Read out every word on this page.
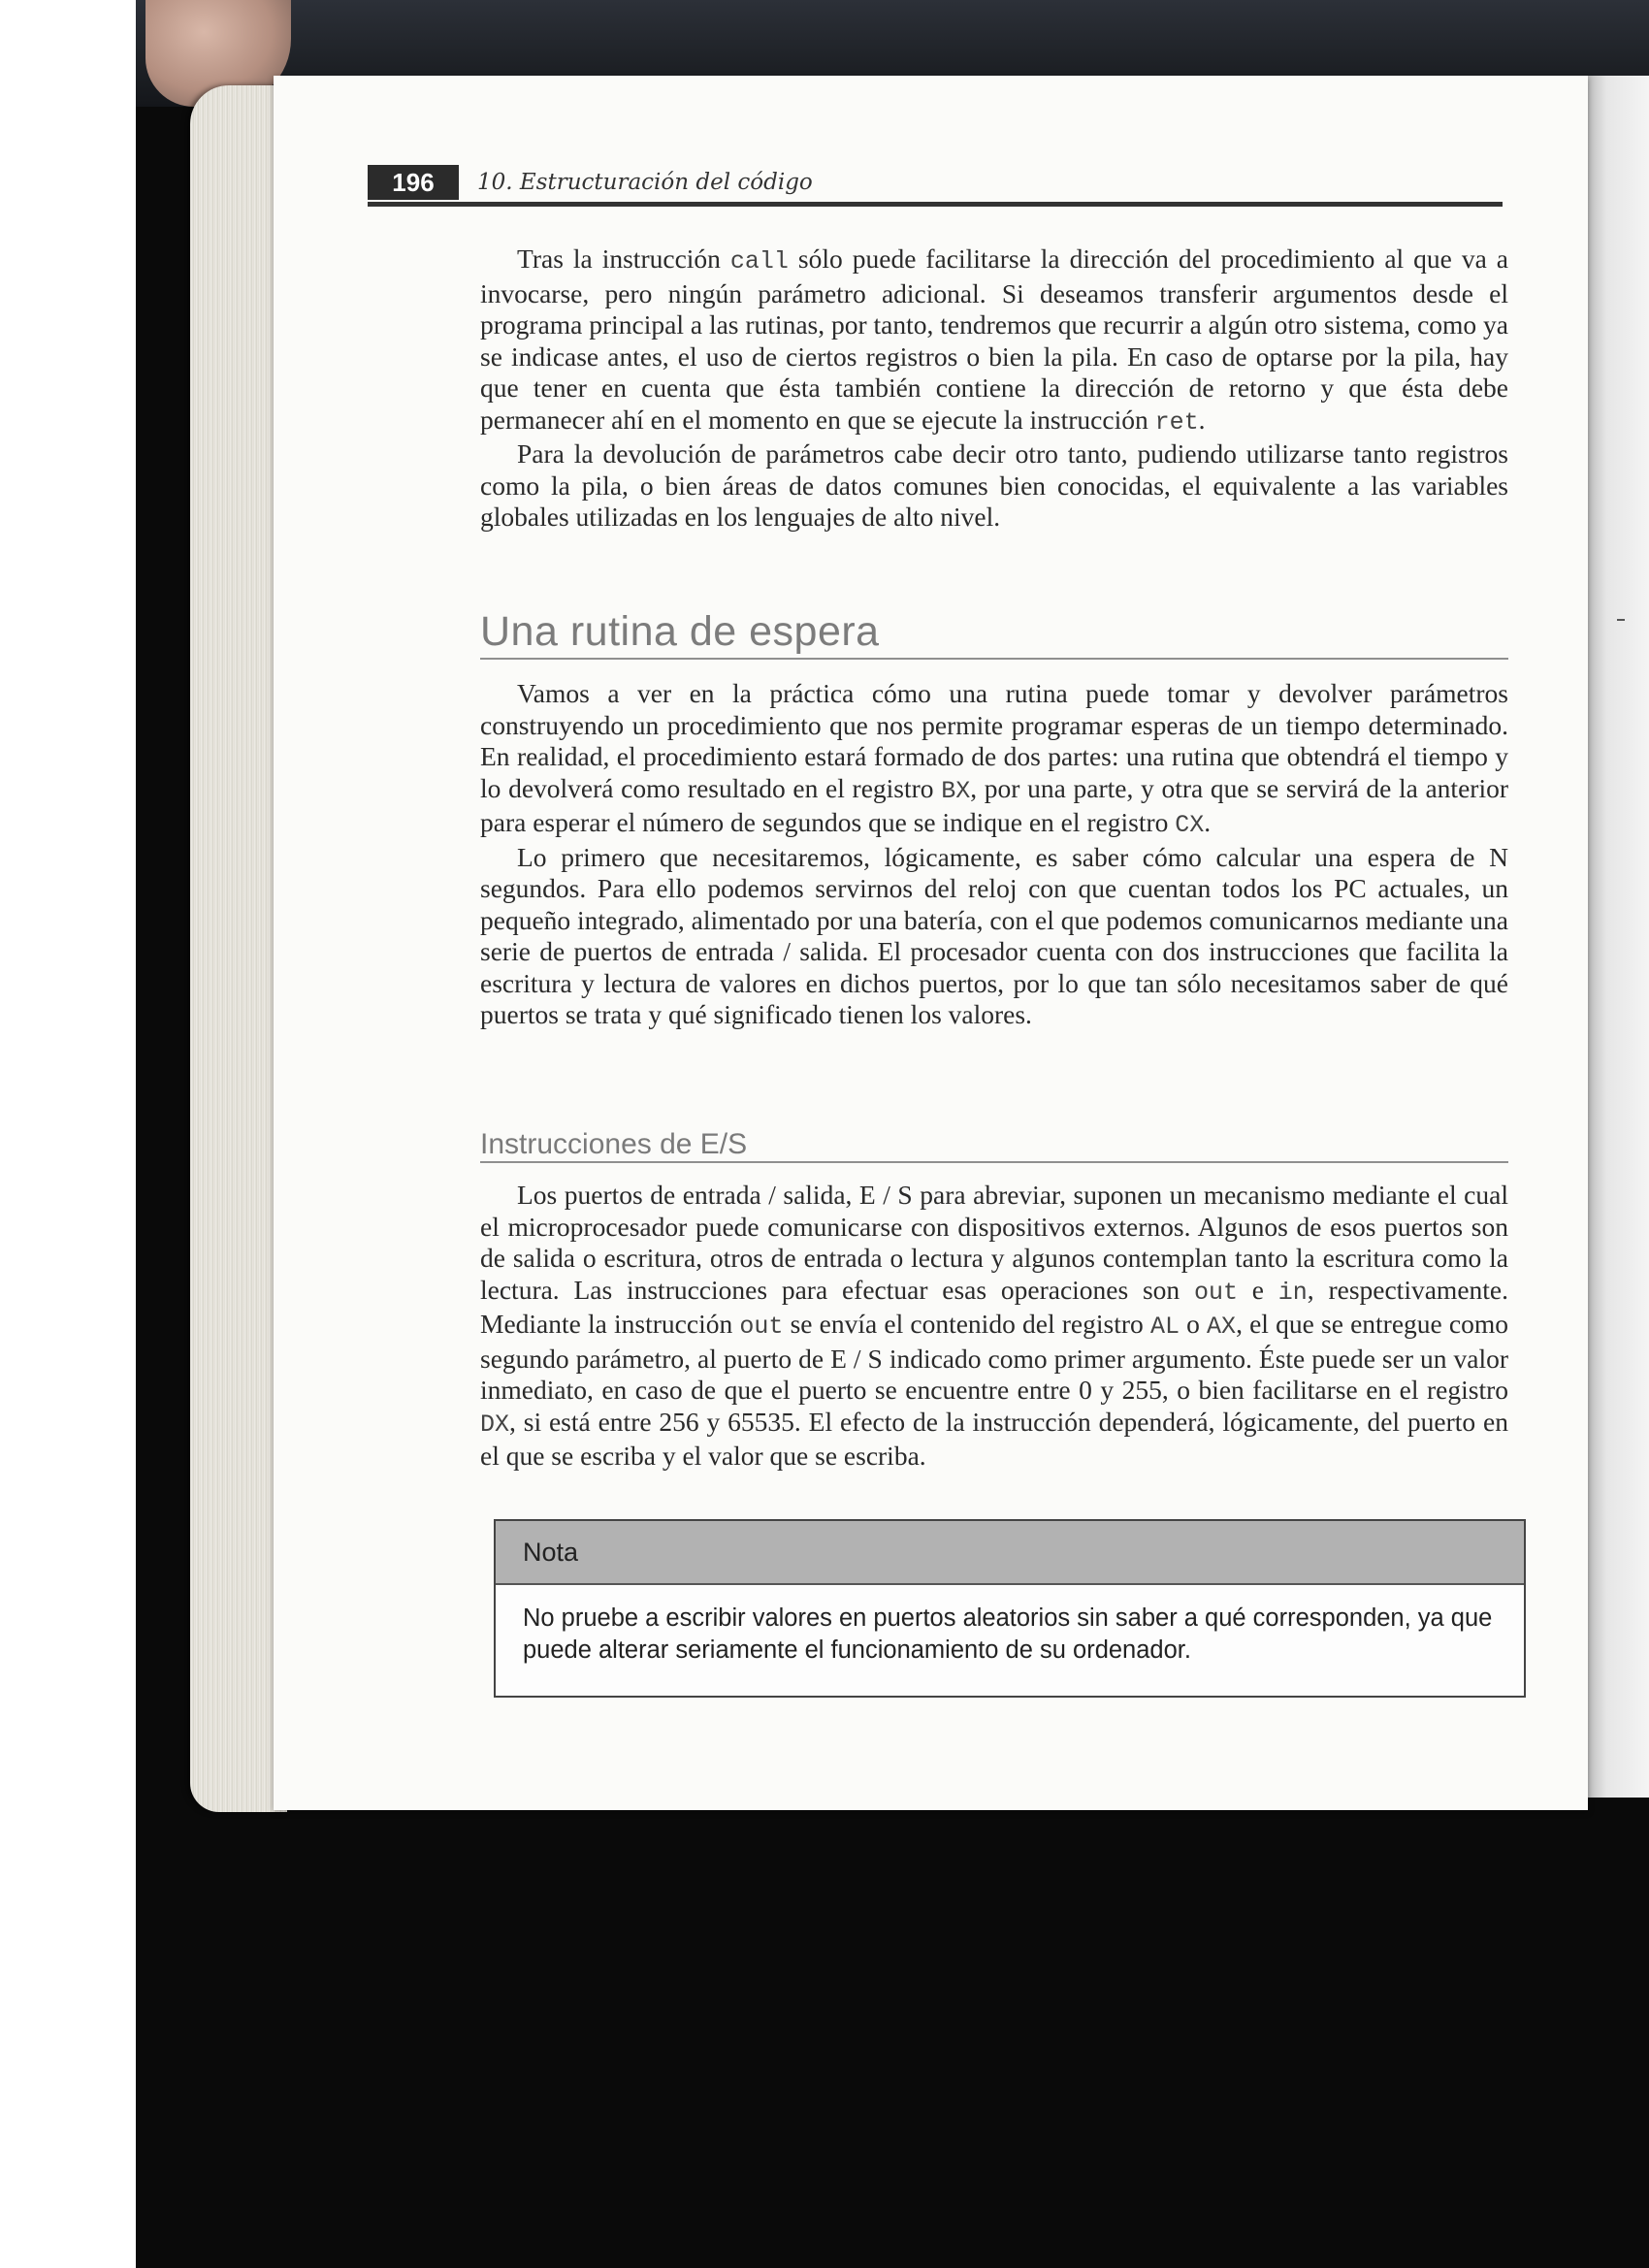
196	10. Estructuración del código

Tras la instrucción call sólo puede facilitarse la dirección del procedimiento al que va a invocarse, pero ningún parámetro adicional. Si deseamos transferir argumentos desde el programa principal a las rutinas, por tanto, tendremos que recurrir a algún otro sistema, como ya se indicase antes, el uso de ciertos registros o bien la pila. En caso de optarse por la pila, hay que tener en cuenta que ésta también contiene la dirección de retorno y que ésta debe permanecer ahí en el momento en que se ejecute la instrucción ret.

Para la devolución de parámetros cabe decir otro tanto, pudiendo utilizarse tanto registros como la pila, o bien áreas de datos comunes bien conocidas, el equivalente a las variables globales utilizadas en los lenguajes de alto nivel.

Una rutina de espera

Vamos a ver en la práctica cómo una rutina puede tomar y devolver parámetros construyendo un procedimiento que nos permite programar esperas de un tiempo determinado. En realidad, el procedimiento estará formado de dos partes: una rutina que obtendrá el tiempo y lo devolverá como resultado en el registro BX, por una parte, y otra que se servirá de la anterior para esperar el número de segundos que se indique en el registro CX.

Lo primero que necesitaremos, lógicamente, es saber cómo calcular una espera de N segundos. Para ello podemos servirnos del reloj con que cuentan todos los PC actuales, un pequeño integrado, alimentado por una batería, con el que podemos comunicarnos mediante una serie de puertos de entrada / salida. El procesador cuenta con dos instrucciones que facilita la escritura y lectura de valores en dichos puertos, por lo que tan sólo necesitamos saber de qué puertos se trata y qué significado tienen los valores.

Instrucciones de E/S

Los puertos de entrada / salida, E / S para abreviar, suponen un mecanismo mediante el cual el microprocesador puede comunicarse con dispositivos externos. Algunos de esos puertos son de salida o escritura, otros de entrada o lectura y algunos contemplan tanto la escritura como la lectura. Las instrucciones para efectuar esas operaciones son out e in, respectivamente. Mediante la instrucción out se envía el contenido del registro AL o AX, el que se entregue como segundo parámetro, al puerto de E / S indicado como primer argumento. Éste puede ser un valor inmediato, en caso de que el puerto se encuentre entre 0 y 255, o bien facilitarse en el registro DX, si está entre 256 y 65535. El efecto de la instrucción dependerá, lógicamente, del puerto en el que se escriba y el valor que se escriba.

Nota
No pruebe a escribir valores en puertos aleatorios sin saber a qué corresponden, ya que puede alterar seriamente el funcionamiento de su ordenador.
